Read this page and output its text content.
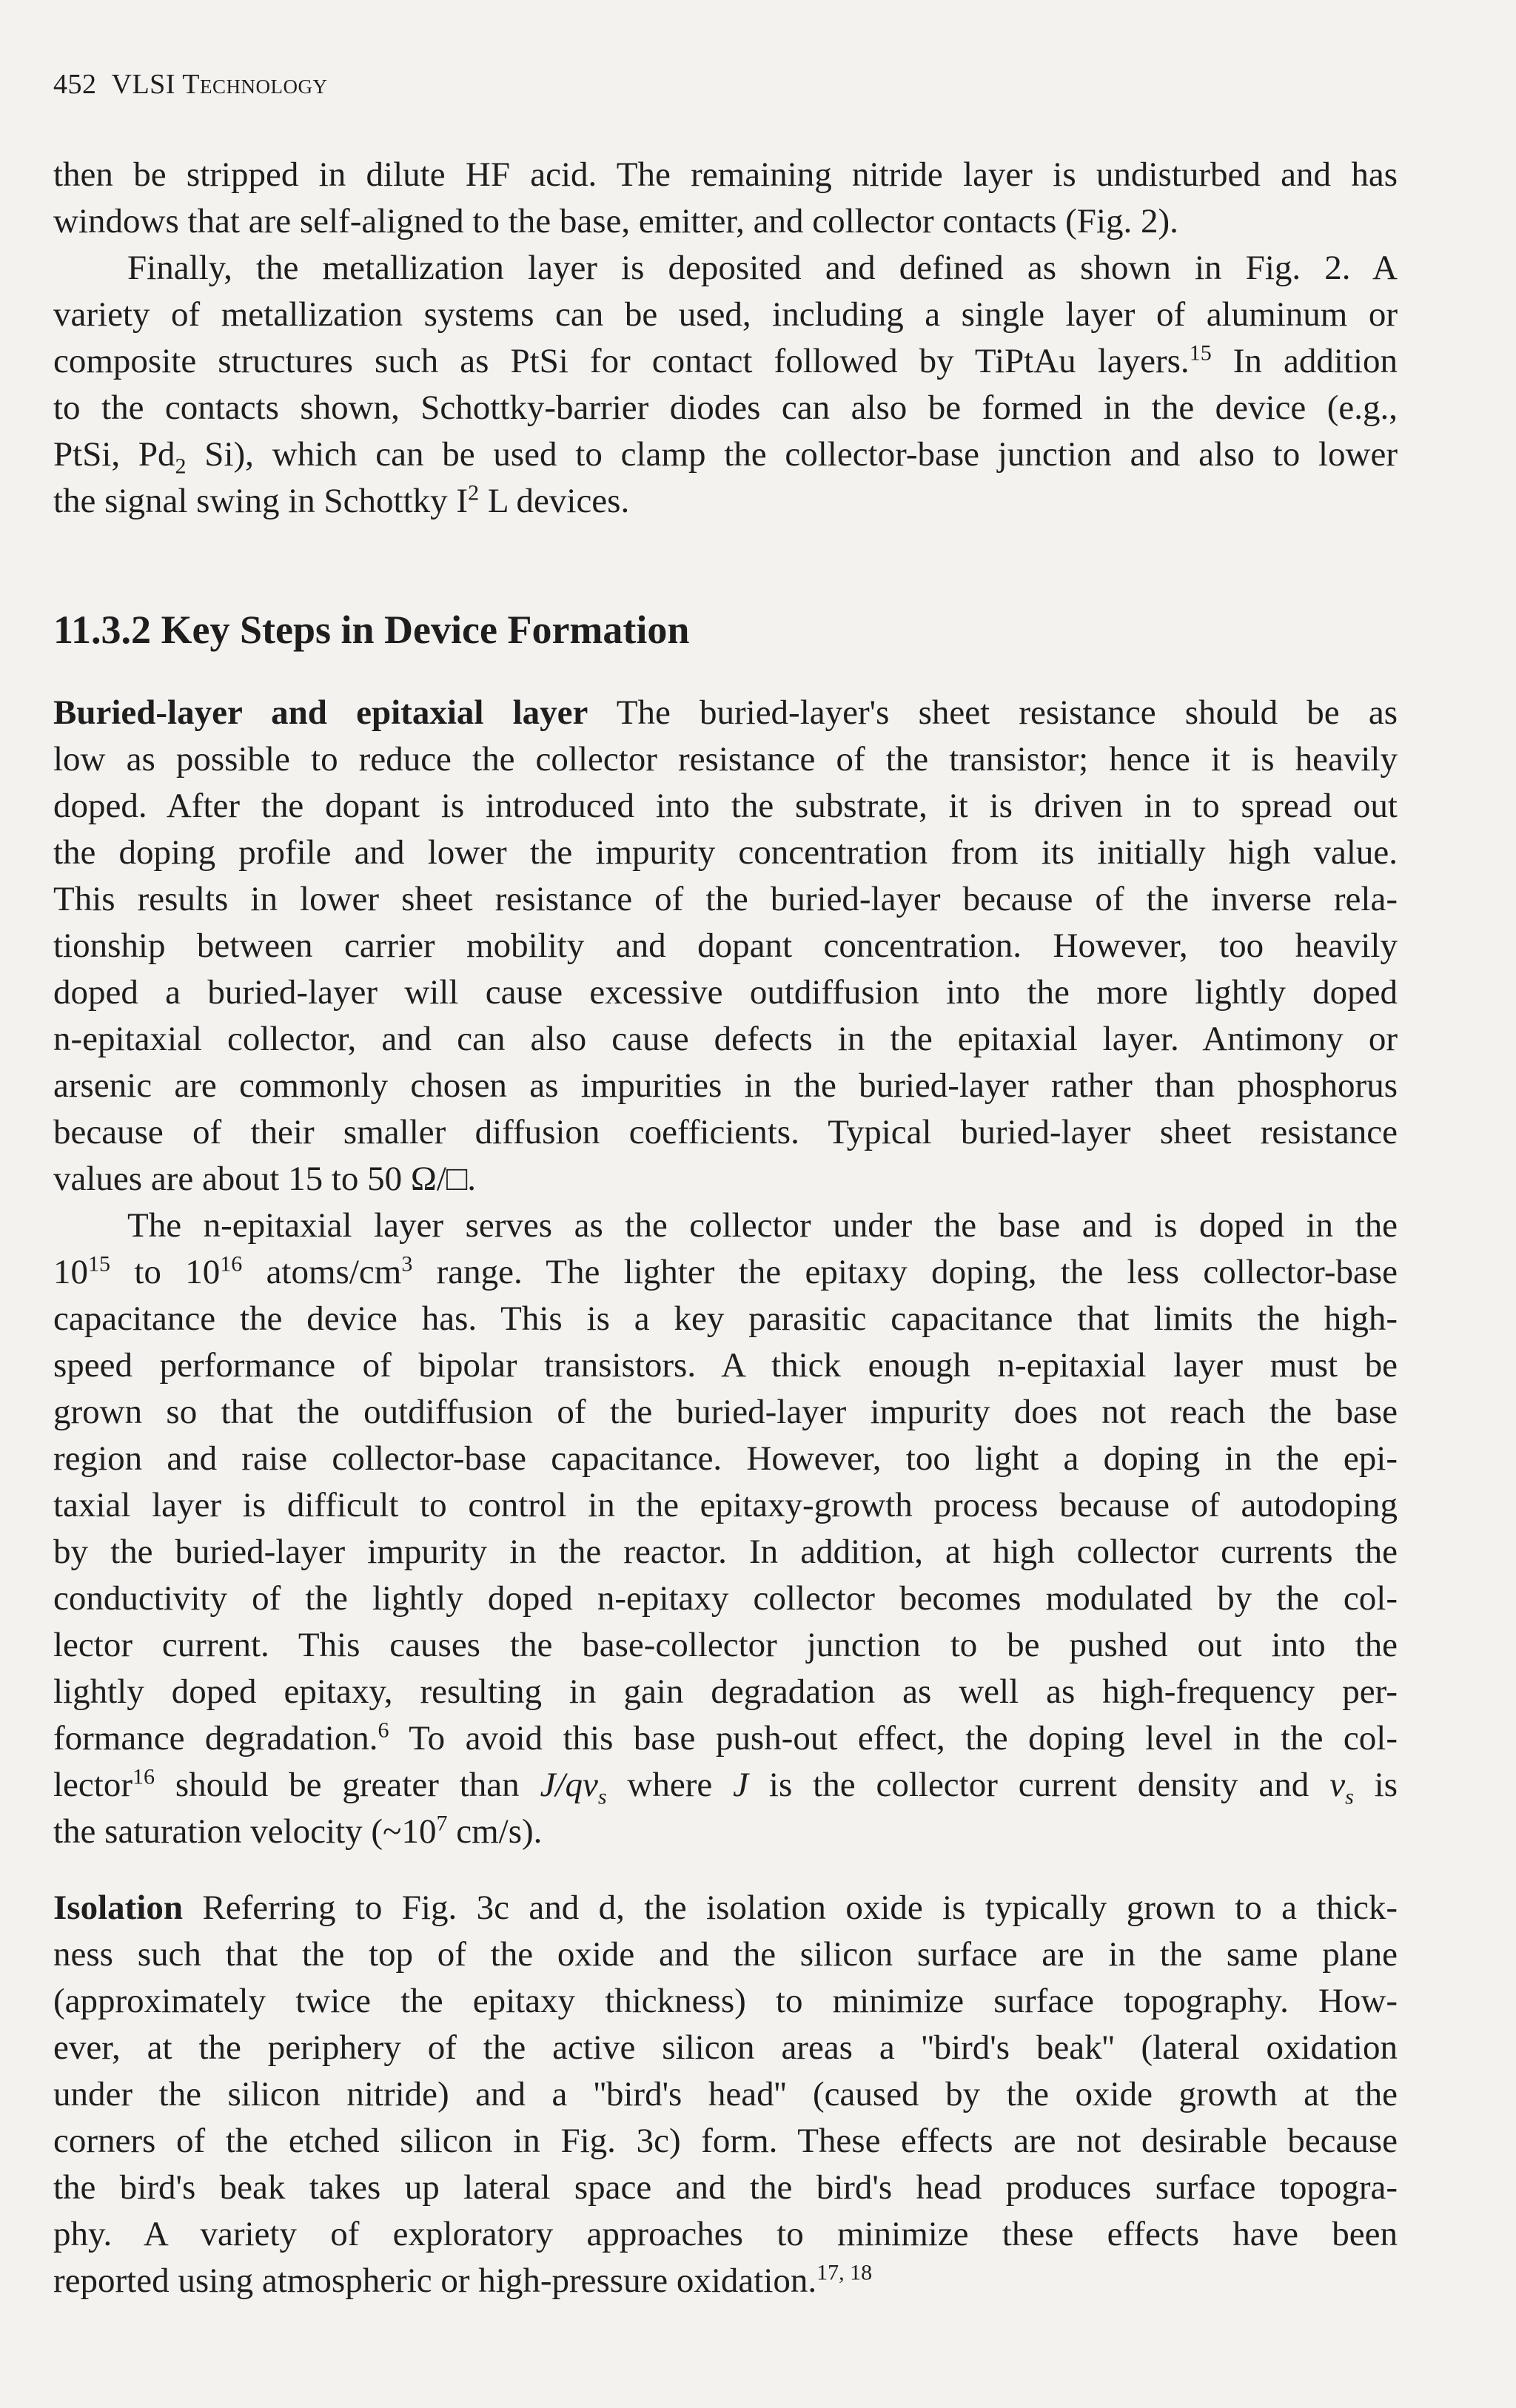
452 VLSI Technology
then be stripped in dilute HF acid. The remaining nitride layer is undisturbed and has
windows that are self-aligned to the base, emitter, and collector contacts (Fig. 2).
Finally, the metallization layer is deposited and defined as shown in Fig. 2. A
variety of metallization systems can be used, including a single layer of aluminum or
composite structures such as PtSi for contact followed by TiPtAu layers.$^{15}$ In addition
to the contacts shown, Schottky-barrier diodes can also be formed in the device (e.g.,
PtSi, $Pd_2$ Si), which can be used to clamp the collector-base junction and also to lower
the signal swing in Schottky $I^2$ L devices.
11.3.2 Key Steps in Device Formation
Buried-layer and epitaxial layer The buried-layer's sheet resistance should be as
low as possible to reduce the collector resistance of the transistor; hence it is heavily
doped. After the dopant is introduced into the substrate, it is driven in to spread out
the doping profile and lower the impurity concentration from its initially high value.
This results in lower sheet resistance of the buried-layer because of the inverse rela-
tionship between carrier mobility and dopant concentration. However, too heavily
doped a buried-layer will cause excessive outdiffusion into the more lightly doped
n-epitaxial collector, and can also cause defects in the epitaxial layer. Antimony or
arsenic are commonly chosen as impurities in the buried-layer rather than phosphorus
because of their smaller diffusion coefficients. Typical buried-layer sheet resistance
values are about 15 to 50 Ω/□.
The n-epitaxial layer serves as the collector under the base and is doped in the
$10^{15}$ to $10^{16}$ atoms/$cm^3$ range. The lighter the epitaxy doping, the less collector-base
capacitance the device has. This is a key parasitic capacitance that limits the high-
speed performance of bipolar transistors. A thick enough n-epitaxial layer must be
grown so that the outdiffusion of the buried-layer impurity does not reach the base
region and raise collector-base capacitance. However, too light a doping in the epi-
taxial layer is difficult to control in the epitaxy-growth process because of autodoping
by the buried-layer impurity in the reactor. In addition, at high collector currents the
conductivity of the lightly doped n-epitaxy collector becomes modulated by the col-
lector current. This causes the base-collector junction to be pushed out into the
lightly doped epitaxy, resulting in gain degradation as well as high-frequency per-
formance degradation.$^6$ To avoid this base push-out effect, the doping level in the col-
lector$^{16}$ should be greater than $J/qv_s$ where J is the collector current density and $v_s$ is
the saturation velocity ($\sim 10^7$ cm/s).
Isolation Referring to Fig. 3c and d, the isolation oxide is typically grown to a thick-
ness such that the top of the oxide and the silicon surface are in the same plane
(approximately twice the epitaxy thickness) to minimize surface topography. How-
ever, at the periphery of the active silicon areas a ''bird's beak'' (lateral oxidation
under the silicon nitride) and a ''bird's head'' (caused by the oxide growth at the
corners of the etched silicon in Fig. 3c) form. These effects are not desirable because
the bird's beak takes up lateral space and the bird's head produces surface topogra-
phy. A variety of exploratory approaches to minimize these effects have been
reported using atmospheric or high-pressure oxidation.$^{17, 18}$
